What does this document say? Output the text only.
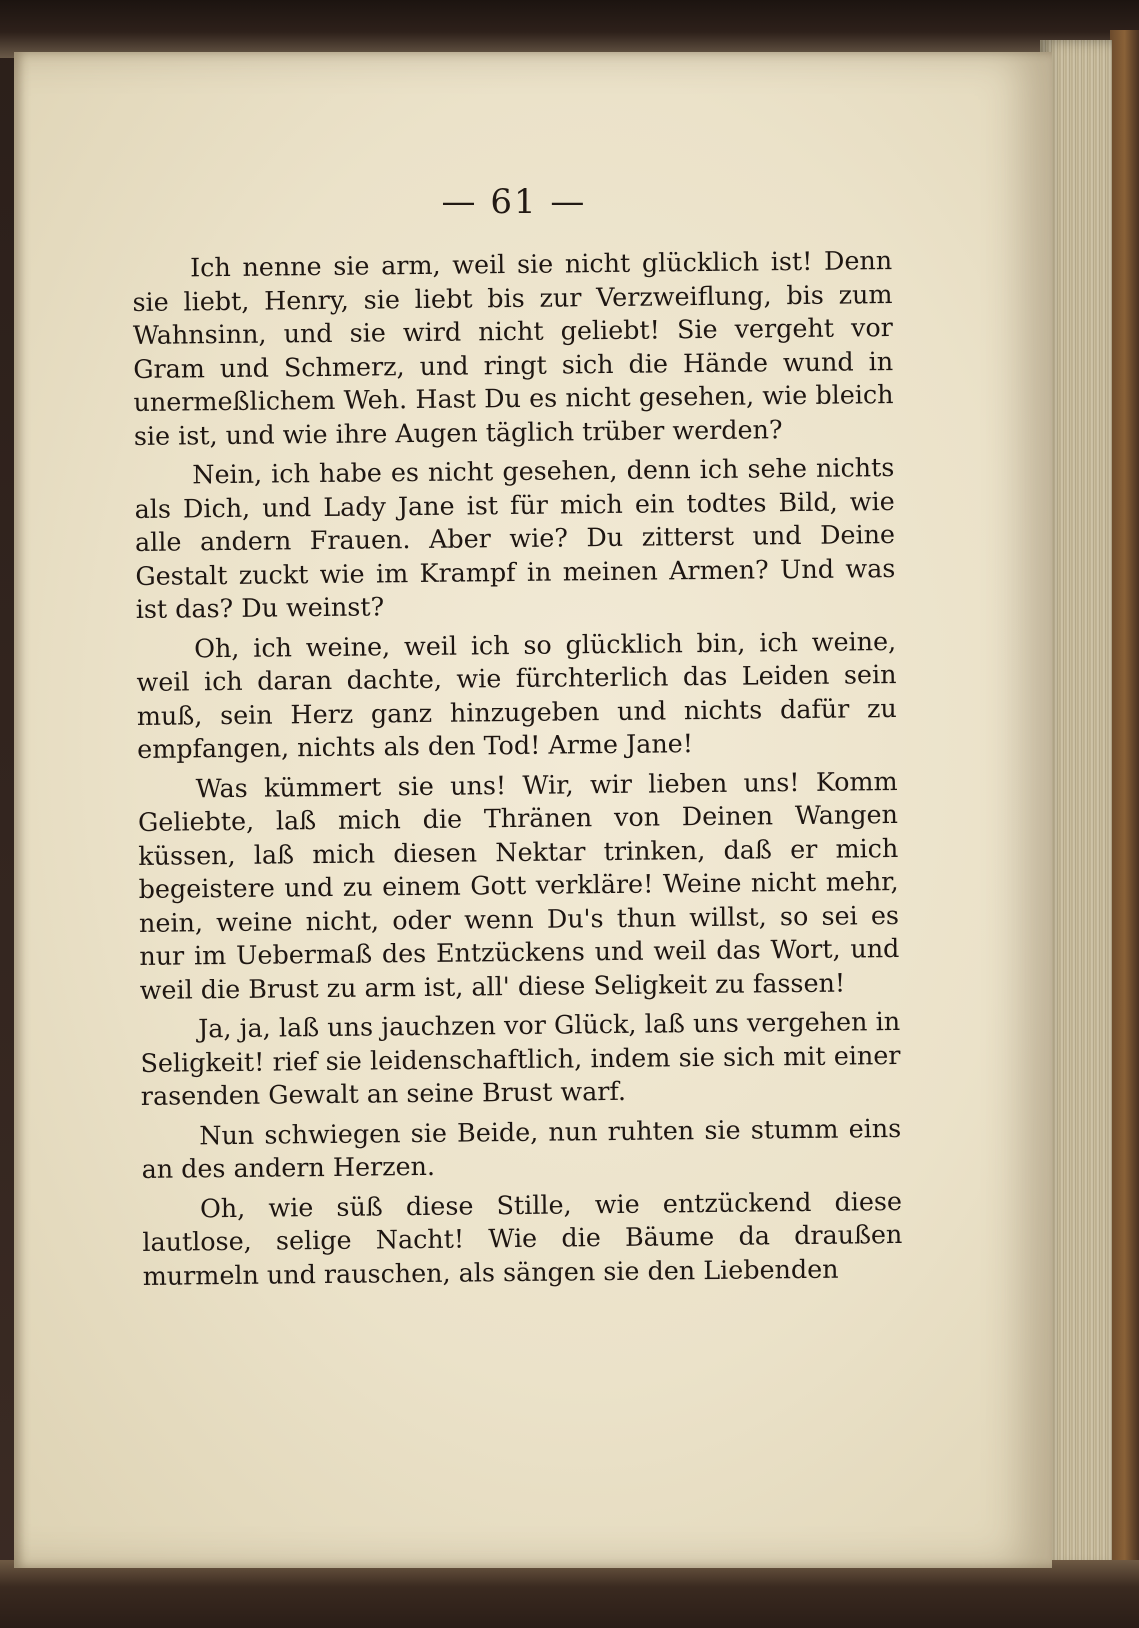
— 61 —

Ich nenne sie arm, weil sie nicht glücklich ist! Denn sie liebt, Henry, sie liebt bis zur Verzweiflung, bis zum Wahnsinn, und sie wird nicht geliebt! Sie vergeht vor Gram und Schmerz, und ringt sich die Hände wund in unermeßlichem Weh. Hast Du es nicht gesehen, wie bleich sie ist, und wie ihre Augen täglich trüber werden?

Nein, ich habe es nicht gesehen, denn ich sehe nichts als Dich, und Lady Jane ist für mich ein todtes Bild, wie alle andern Frauen. Aber wie? Du zitterst und Deine Gestalt zuckt wie im Krampf in meinen Armen? Und was ist das? Du weinst?

Oh, ich weine, weil ich so glücklich bin, ich weine, weil ich daran dachte, wie fürchterlich das Leiden sein muß, sein Herz ganz hinzugeben und nichts dafür zu empfangen, nichts als den Tod! Arme Jane!

Was kümmert sie uns! Wir, wir lieben uns! Komm Geliebte, laß mich die Thränen von Deinen Wangen küssen, laß mich diesen Nektar trinken, daß er mich begeistere und zu einem Gott verkläre! Weine nicht mehr, nein, weine nicht, oder wenn Du's thun willst, so sei es nur im Uebermaß des Entzückens und weil das Wort, und weil die Brust zu arm ist, all' diese Seligkeit zu fassen!

Ja, ja, laß uns jauchzen vor Glück, laß uns vergehen in Seligkeit! rief sie leidenschaftlich, indem sie sich mit einer rasenden Gewalt an seine Brust warf.

Nun schwiegen sie Beide, nun ruhten sie stumm eins an des andern Herzen.

Oh, wie süß diese Stille, wie entzückend diese lautlose, selige Nacht! Wie die Bäume da draußen murmeln und rauschen, als sängen sie den Liebenden
